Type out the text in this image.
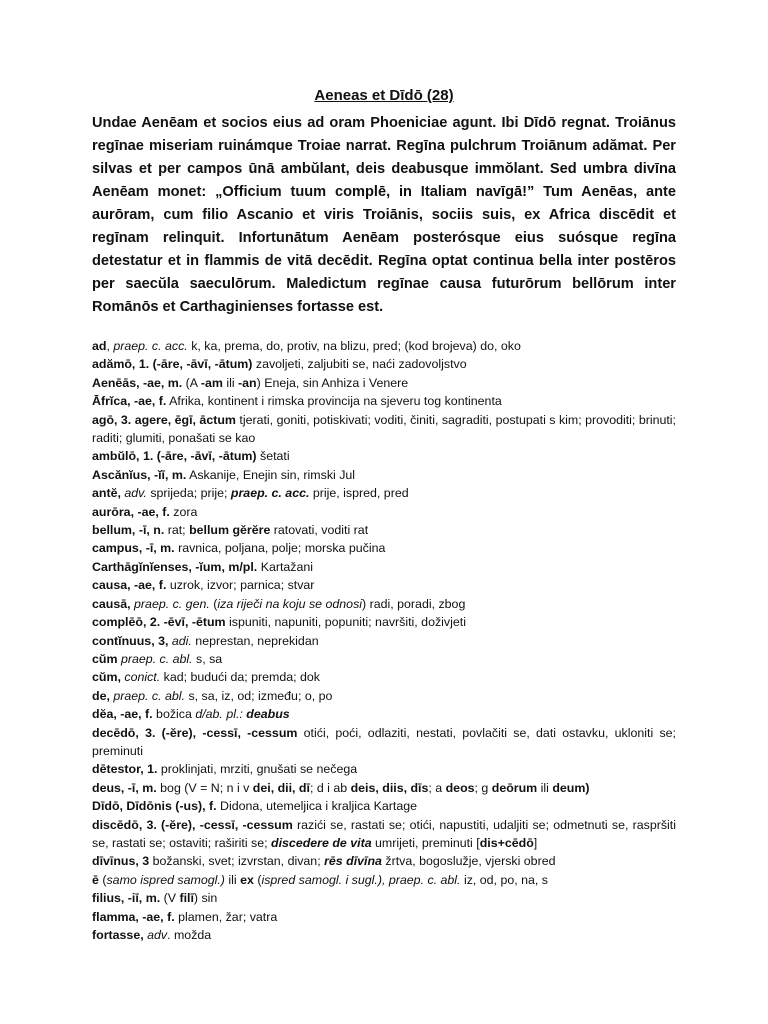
Aeneas et Dīdō (28)

Undae Aenēam et socios eius ad oram Phoeniciae agunt. Ibi Dīdō regnat. Troiānus regīnae miseriam ruinámque Troiae narrat. Regīna pulchrum Troiānum adămat. Per silvas et per campos ūnā ambŭlant, deis deabusque immŏlant. Sed umbra divīna Aenēam monet: „Officium tuum complē, in Italiam navīgā!” Tum Aenēas, ante aurōram, cum filio Ascanio et viris Troiānis, sociis suis, ex Africa discēdit et regīnam relinquit. Infortunātum Aenēam posterósque eius suósque regīna detestatur et in flammis de vitā decēdit. Regīna optat continua bella inter postēros per saecŭla saeculōrum. Maledictum regīnae causa futurōrum bellōrum inter Romānōs et Carthaginienses fortasse est.

ad, praep. c. acc. k, ka, prema, do, protiv, na blizu, pred; (kod brojeva) do, oko

adămō, 1. (-āre, -āvī, -ātum) zavoljeti, zaljubiti se, naći zadovoljstvo

Aenēās, -ae, m. (A -am ili -an) Eneja, sin Anhiza i Venere

Āfrĭca, -ae, f. Afrika, kontinent i rimska provincija na sjeveru tog kontinenta

agō, 3. agere, ēgī, āctum tjerati, goniti, potiskivati; voditi, činiti, sagraditi, postupati s kim; provoditi; brinuti; raditi; glumiti, ponašati se kao

ambŭlō, 1. (-āre, -āvī, -ātum) šetati

Ascănĭus, -ĭī, m. Askanije, Enejin sin, rimski Jul

antĕ, adv. sprijeda; prije; praep. c. acc. prije, ispred, pred

aurōra, -ae, f. zora

bellum, -ī, n. rat; bellum gĕrĕre ratovati, voditi rat

campus, -ī, m. ravnica, poljana, polje; morska pučina

Carthāgĭnĭenses, -ĭum, m/pl. Kartažani

causa, -ae, f. uzrok, izvor; parnica; stvar

causā, praep. c. gen. (iza riječi na koju se odnosi) radi, poradi, zbog

complēō, 2. -ēvī, -ētum ispuniti, napuniti, popuniti; navršiti, doživjeti

contĭnuus, 3, adi. neprestan, neprekidan

cŭm praep. c. abl. s, sa

cŭm, conict. kad; budući da; premda; dok

de, praep. c. abl. s, sa, iz, od; između; o, po

dĕa, -ae, f. božica d/ab. pl.: deabus

decēdō, 3. (-ĕre), -cessī, -cessum otići, poći, odlaziti, nestati, povlačiti se, dati ostavku, ukloniti se; preminuti

dētestor, 1. proklinjati, mrziti, gnušati se nečega

deus, -ī, m. bog (V = N; n i v dei, dii, dī; d i ab deis, diis, dīs; a deos; g deōrum ili deum)

Dīdō, Dīdōnis (-us), f. Didona, utemeljica i kraljica Kartage

discēdō, 3. (-ĕre), -cessī, -cessum razići se, rastati se; otići, napustiti, udaljiti se; odmetnuti se, raspršiti se, rastati se; ostaviti; raširiti se; discedere de vita umrijeti, preminuti [dis+cēdō]

dīvīnus, 3 božanski, svet; izvrstan, divan; rēs dīvīna žrtva, bogoslužje, vjerski obred

ē (samo ispred samogl.) ili ex (ispred samogl. i sugl.), praep. c. abl. iz, od, po, na, s

filius, -iī, m. (V filī) sin

flamma, -ae, f. plamen, žar; vatra

fortasse, adv. možda
